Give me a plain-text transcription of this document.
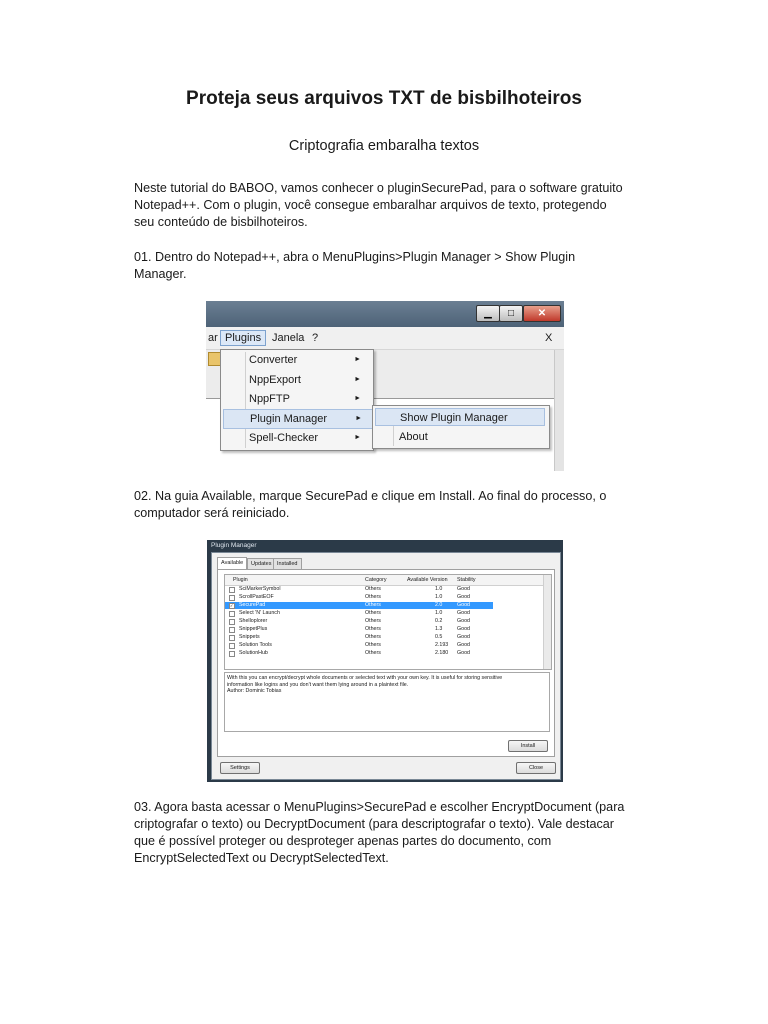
Proteja seus arquivos TXT de bisbilhoteiros

Criptografia embaralha textos

Neste tutorial do BABOO, vamos conhecer o pluginSecurePad, para o software gratuito
Notepad++. Com o plugin, você consegue embaralhar arquivos de texto, protegendo
seu conteúdo de bisbilhoteiros.

01. Dentro do Notepad++, abra o MenuPlugins>Plugin Manager > Show Plugin
Manager.

▁	□	✕
ar Plugins Janela ?	X
Converter	►
NppExport	►
NppFTP	►
Plugin Manager	►
Spell-Checker	►
Show Plugin Manager
About

02. Na guia Available, marque SecurePad e clique em Install. Ao final do processo, o
computador será reiniciado.

Plugin Manager
Available	Updates	Installed
Plugin	Category	Available Version Stability
SciMarkerSymbol	Others	1.0	Good
ScrollPastEOF	Others	1.0	Good
✓	SecurePad	Others	2.0	Good
Select 'N' Launch	Others	1.0	Good
Shelloplorer	Others	0.2	Good
SnippetPlus	Others	1.3	Good
Snippets	Others	0.5	Good
Solution Tools	Others	2.193 Good
SolutionHub	Others	2.180 Good
With this you can encrypt/decrypt whole documents or selected text with your own key. It is useful for storing sensitive
information like logins and you don't want them lying around in a plaintext file.
Author: Dominic Tobias
Install
Settings	Close

03. Agora basta acessar o MenuPlugins>SecurePad e escolher EncryptDocument (para
criptografar o texto) ou DecryptDocument (para descriptografar o texto). Vale destacar
que é possível proteger ou desproteger apenas partes do documento, com
EncryptSelectedText ou DecryptSelectedText.
